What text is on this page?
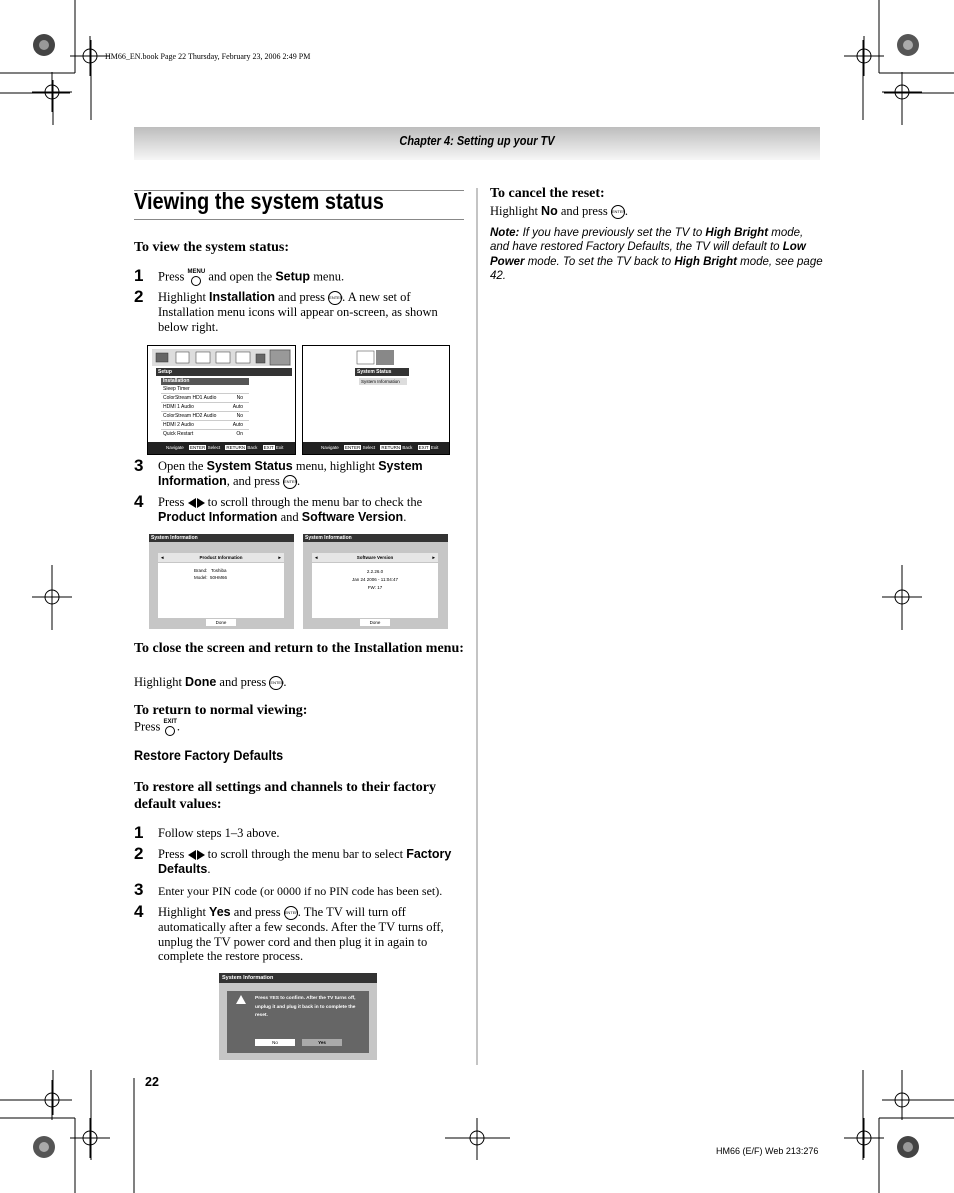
HM66_EN.book Page 22 Thursday, February 23, 2006 2:49 PM
Chapter 4: Setting up your TV
Viewing the system status
To view the system status:
1 Press MENU and open the Setup menu.
2 Highlight Installation and press ENTER. A new set of Installation menu icons will appear on-screen, as shown below right.
Setup
Installation
Sleep Timer
ColorStream HD1 Audio	No
HDMI 1 Audio	Auto
ColorStream HD2 Audio	No
HDMI 2 Audio	Auto
Quick Restart	On
Navigate ENTER Select RETURN Back EXIT Exit
System Status
System Information
Navigate ENTER Select RETURN Back EXIT Exit
3 Open the System Status menu, highlight System Information, and press ENTER.
4 Press to scroll through the menu bar to check the Product Information and Software Version.
System Information
◄	Product Information	►
Brand: Toshiba
Model: 50HM66
Done
System Information
◄	Software Version	►
2.2.26.0
Jan 24 2006 - 11:04:47
FW: 17
Done
To close the screen and return to the Installation menu:
Highlight Done and press ENTER.
To return to normal viewing:
Press EXIT
.
Restore Factory Defaults
To restore all settings and channels to their factory default values:
1 Follow steps 1–3 above.
2 Press to scroll through the menu bar to select Factory Defaults.
3 Enter your PIN code (or 0000 if no PIN code has been set).
4 Highlight Yes and press ENTER. The TV will turn off automatically after a few seconds. After the TV turns off, unplug the TV power cord and then plug it in again to complete the restore process.
System Information
Press YES to confirm. After the TV turns off, unplug it and plug it back in to complete the reset.
No	Yes
To cancel the reset:
Highlight No and press ENTER.
Note: If you have previously set the TV to High Bright mode, and have restored Factory Defaults, the TV will default to Low Power mode. To set the TV back to High Bright mode, see page 42.
22
HM66 (E/F) Web 213:276
